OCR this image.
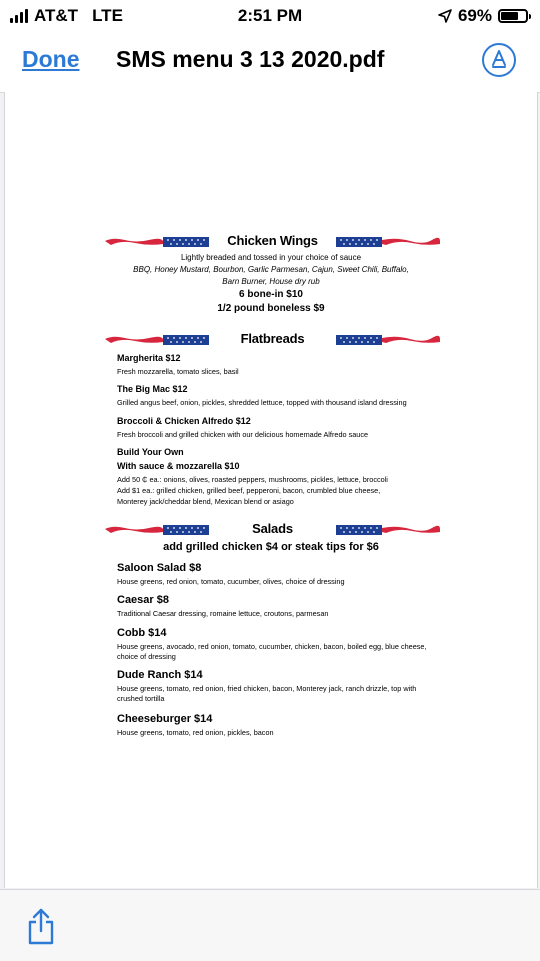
AT&T LTE	2:51 PM	69%
Done SMS menu 3 13 2020.pdf
Chicken Wings
Lightly breaded and tossed in your choice of sauce
BBQ, Honey Mustard, Bourbon, Garlic Parmesan, Cajun, Sweet Chili, Buffalo,
Barn Burner, House dry rub
6 bone-in $10
1/2 pound boneless $9
Flatbreads
Margherita $12
Fresh mozzarella, tomato slices, basil
The Big Mac $12
Grilled angus beef, onion, pickles, shredded lettuce, topped with thousand island dressing
Broccoli & Chicken Alfredo $12
Fresh broccoli and grilled chicken with our delicious homemade Alfredo sauce
Build Your Own
With sauce & mozzarella $10
Add 50 ₵ ea.: onions, olives, roasted peppers, mushrooms, pickles, lettuce, broccoli
Add $1 ea.: grilled chicken, grilled beef, pepperoni, bacon, crumbled blue cheese,
Monterey jack/cheddar blend, Mexican blend or asiago
Salads
add grilled chicken $4 or steak tips for $6
Saloon Salad $8
House greens, red onion, tomato, cucumber, olives, choice of dressing
Caesar $8
Traditional Caesar dressing, romaine lettuce, croutons, parmesan
Cobb $14
House greens, avocado, red onion, tomato, cucumber, chicken, bacon, boiled egg, blue cheese, choice of dressing
Dude Ranch $14
House greens, tomato, red onion, fried chicken, bacon, Monterey jack, ranch drizzle, top with crushed tortilla
Cheeseburger $14
House greens, tomato, red onion, pickles, bacon
